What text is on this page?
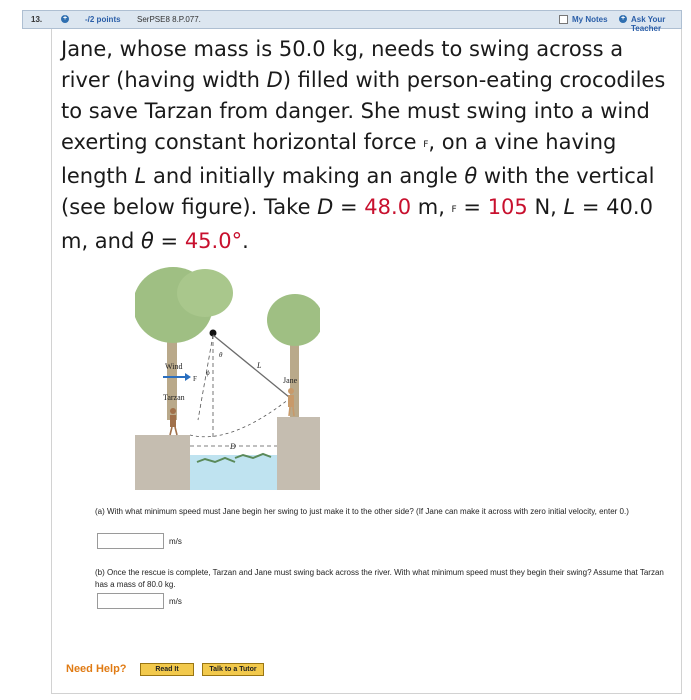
13.	+ -/2 points SerPSE8 8.P.077.	My Notes + Ask Your Teacher
Jane, whose mass is 50.0 kg, needs to swing across a river (having width D) filled with person-eating crocodiles to save Tarzan from danger. She must swing into a wind exerting constant horizontal force F, on a vine having length L and initially making an angle θ with the vertical (see below figure). Take D = 48.0 m, F = 105 N, L = 40.0 m, and θ = 45.0°.
D
θ
ϕ
L
Wind
F
Tarzan
Jane
(a) With what minimum speed must Jane begin her swing to just make it to the other side? (If Jane can make it across with zero initial velocity, enter 0.)
m/s
(b) Once the rescue is complete, Tarzan and Jane must swing back across the river. With what minimum speed must they begin their swing? Assume that Tarzan has a mass of 80.0 kg.
m/s
Need Help?	Read It	Talk to a Tutor
